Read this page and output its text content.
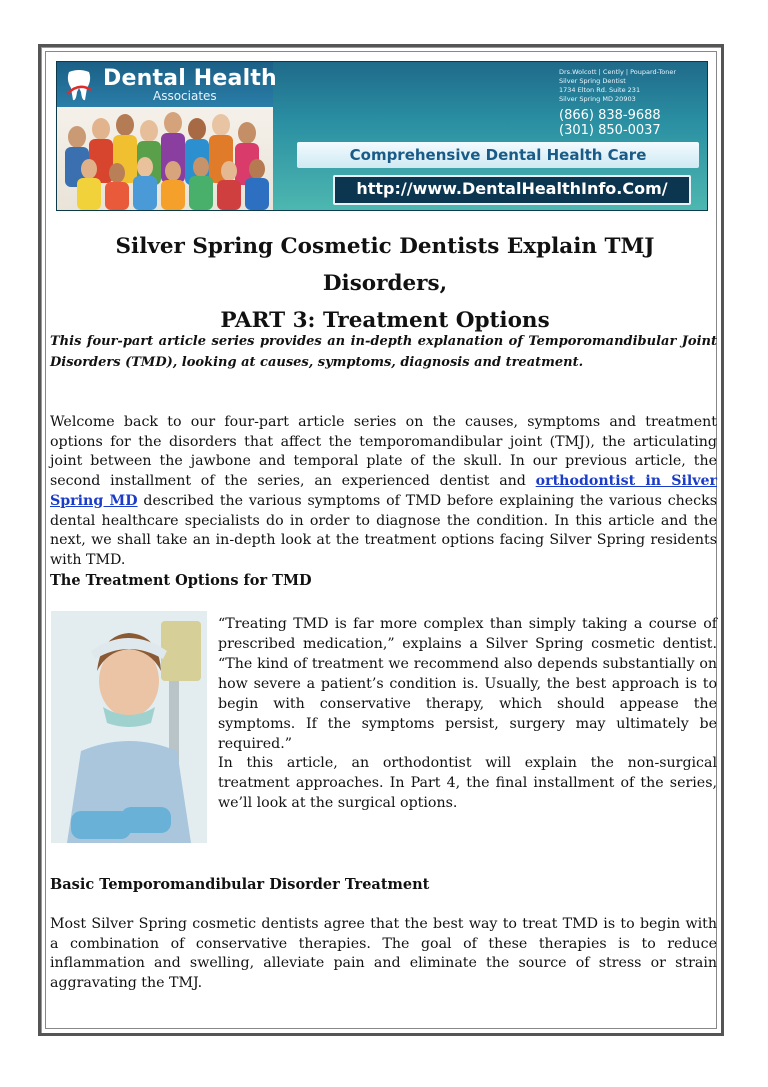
Dental Health
Associates
Drs.Wolcott | Cently | Poupard-Toner
Silver Spring Dentist
1734 Elton Rd. Suite 231
Silver Spring MD 20903
(866) 838-9688
(301) 850-0037
Comprehensive Dental Health Care
http://www.DentalHealthInfo.Com/
Silver Spring Cosmetic Dentists Explain TMJ Disorders,
PART 3: Treatment Options
This four-part article series provides an in-depth explanation of Temporomandibular Joint Disorders (TMD), looking at causes, symptoms, diagnosis and treatment.
Welcome back to our four-part article series on the causes, symptoms and treatment options for the disorders that affect the temporomandibular joint (TMJ), the articulating joint between the jawbone and temporal plate of the skull. In our previous article, the second installment of the series, an experienced dentist and orthodontist in Silver Spring MD described the various symptoms of TMD before explaining the various checks dental healthcare specialists do in order to diagnose the condition. In this article and the next, we shall take an in-depth look at the treatment options facing Silver Spring residents with TMD.
The Treatment Options for TMD
“Treating TMD is far more complex than simply taking a course of prescribed medication,” explains a Silver Spring cosmetic dentist. “The kind of treatment we recommend also depends substantially on how severe a patient’s condition is. Usually, the best approach is to begin with conservative therapy, which should appease the symptoms. If the symptoms persist, surgery may ultimately be required.”
In this article, an orthodontist will explain the non-surgical treatment approaches. In Part 4, the final installment of the series, we’ll look at the surgical options.
Basic Temporomandibular Disorder Treatment
Most Silver Spring cosmetic dentists agree that the best way to treat TMD is to begin with a combination of conservative therapies. The goal of these therapies is to reduce inflammation and swelling, alleviate pain and eliminate the source of stress or strain aggravating the TMJ.
